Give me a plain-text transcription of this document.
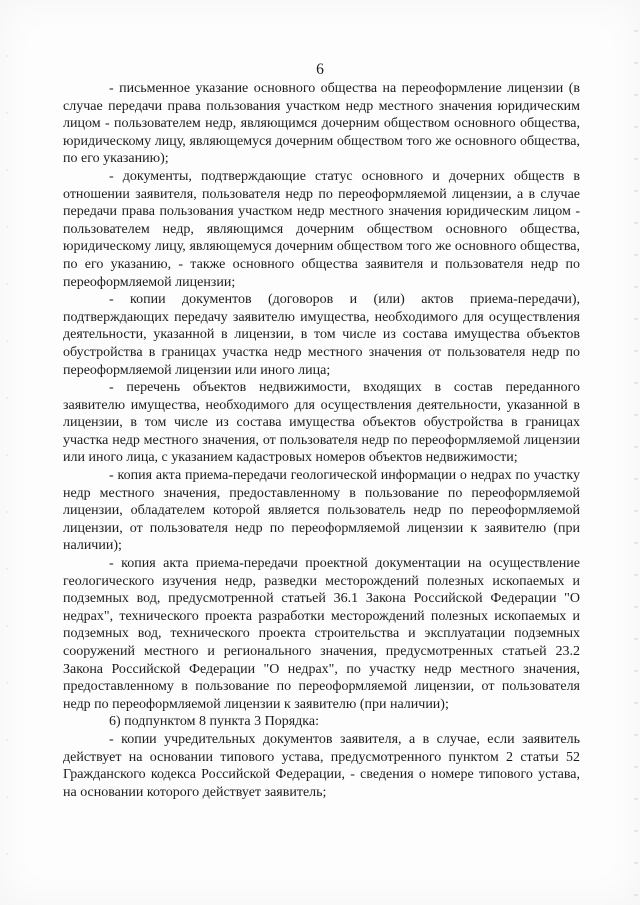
6

- письменное указание основного общества на переоформление лицензии (в случае передачи права пользования участком недр местного значения юридическим лицом - пользователем недр, являющимся дочерним обществом основного общества, юридическому лицу, являющемуся дочерним обществом того же основного общества, по его указанию);

- документы, подтверждающие статус основного и дочерних обществ в отношении заявителя, пользователя недр по переоформляемой лицензии, а в случае передачи права пользования участком недр местного значения юридическим лицом - пользователем недр, являющимся дочерним обществом основного общества, юридическому лицу, являющемуся дочерним обществом того же основного общества, по его указанию, - также основного общества заявителя и пользователя недр по переоформляемой лицензии;

- копии документов (договоров и (или) актов приема-передачи), подтверждающих передачу заявителю имущества, необходимого для осуществления деятельности, указанной в лицензии, в том числе из состава имущества объектов обустройства в границах участка недр местного значения от пользователя недр по переоформляемой лицензии или иного лица;

- перечень объектов недвижимости, входящих в состав переданного заявителю имущества, необходимого для осуществления деятельности, указанной в лицензии, в том числе из состава имущества объектов обустройства в границах участка недр местного значения, от пользователя недр по переоформляемой лицензии или иного лица, с указанием кадастровых номеров объектов недвижимости;

- копия акта приема-передачи геологической информации о недрах по участку недр местного значения, предоставленному в пользование по переоформляемой лицензии, обладателем которой является пользователь недр по переоформляемой лицензии, от пользователя недр по переоформляемой лицензии к заявителю (при наличии);

- копия акта приема-передачи проектной документации на осуществление геологического изучения недр, разведки месторождений полезных ископаемых и подземных вод, предусмотренной статьей 36.1 Закона Российской Федерации "О недрах", технического проекта разработки месторождений полезных ископаемых и подземных вод, технического проекта строительства и эксплуатации подземных сооружений местного и регионального значения, предусмотренных статьей 23.2 Закона Российской Федерации "О недрах", по участку недр местного значения, предоставленному в пользование по переоформляемой лицензии, от пользователя недр по переоформляемой лицензии к заявителю (при наличии);

6) подпунктом 8 пункта 3 Порядка:

- копии учредительных документов заявителя, а в случае, если заявитель действует на основании типового устава, предусмотренного пунктом 2 статьи 52 Гражданского кодекса Российской Федерации, - сведения о номере типового устава, на основании которого действует заявитель;
